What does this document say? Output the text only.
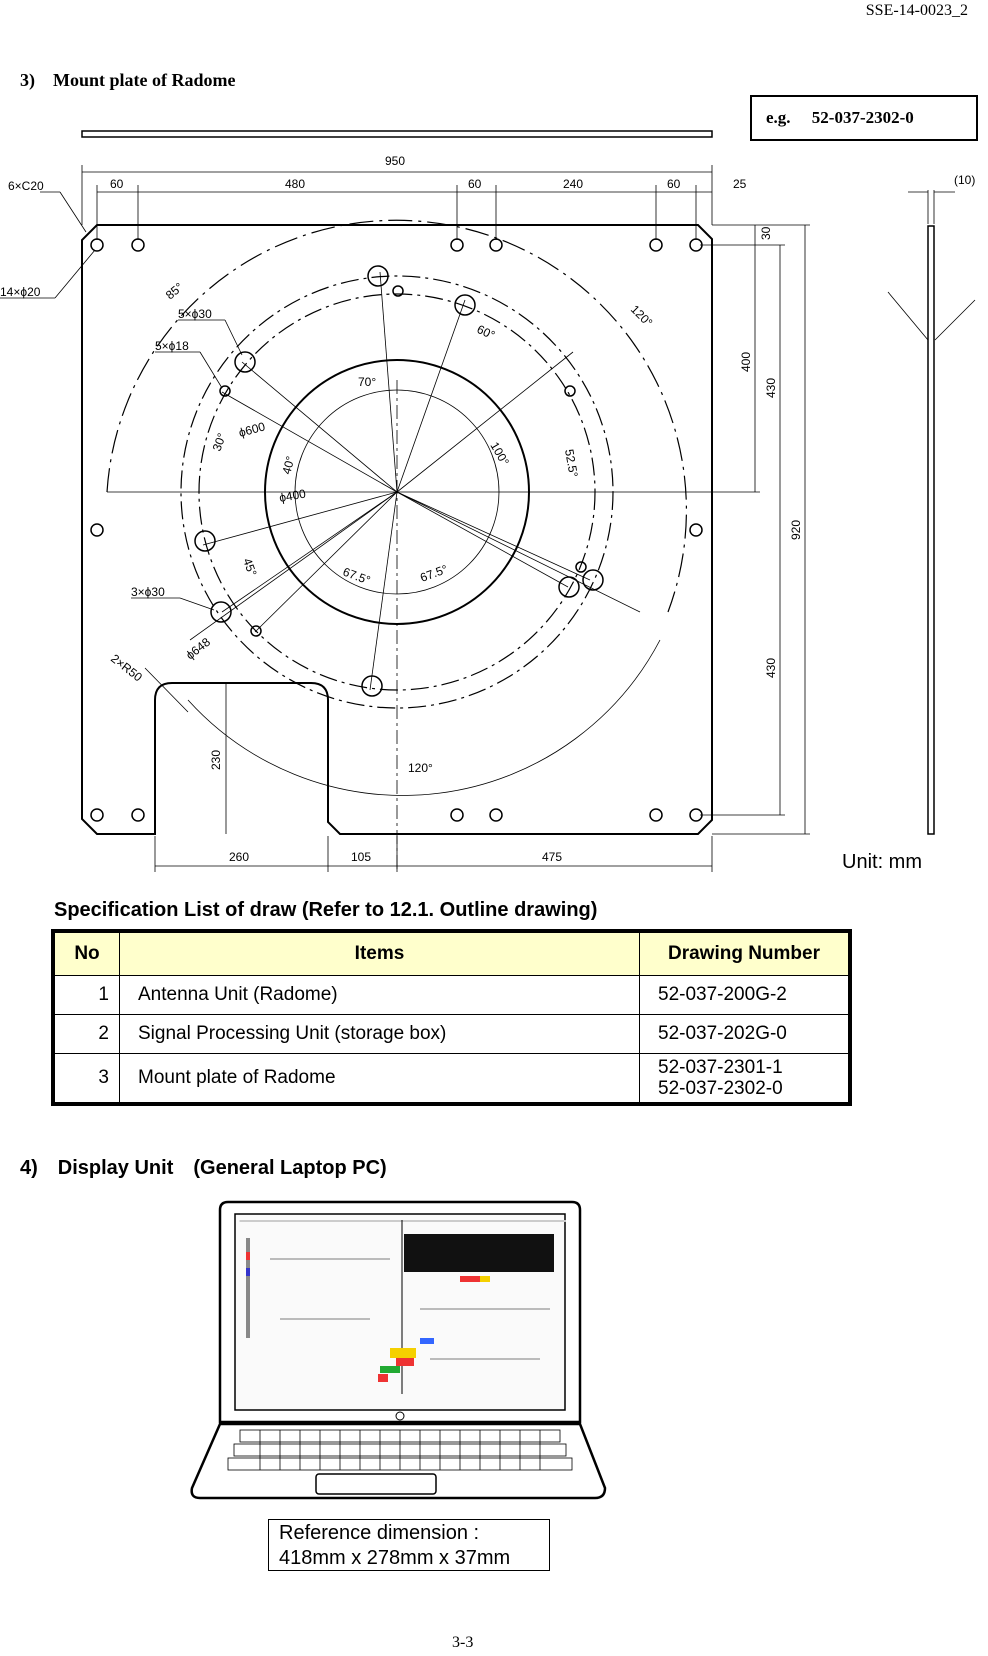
SSE-14-0023_2
3)　Mount plate of Radome
e.g.　 52-037-2302-0
950
60	480	60	240	60	25	(10)
30
400
430
920
430
230
260	105	475
6×C20
14×ϕ20
5×ϕ30
5×ϕ18
3×ϕ30
2×R50
ϕ600
ϕ400
ϕ648
85°
120°
60°
70°
30°
40°	100°	52.5°
45°	67.5°	67.5°
120°
Unit: mm
Specification List of draw (Refer to 12.1. Outline drawing)
No	Items	Drawing Number
1	Antenna Unit (Radome)	52-037-200G-2
2	Signal Processing Unit (storage box)	52-037-202G-0
3	Mount plate of Radome	52-037-2301-1
52-037-2302-0
4)　Display Unit　(General Laptop PC)
Reference dimension :
418mm x 278mm x 37mm
3-3
